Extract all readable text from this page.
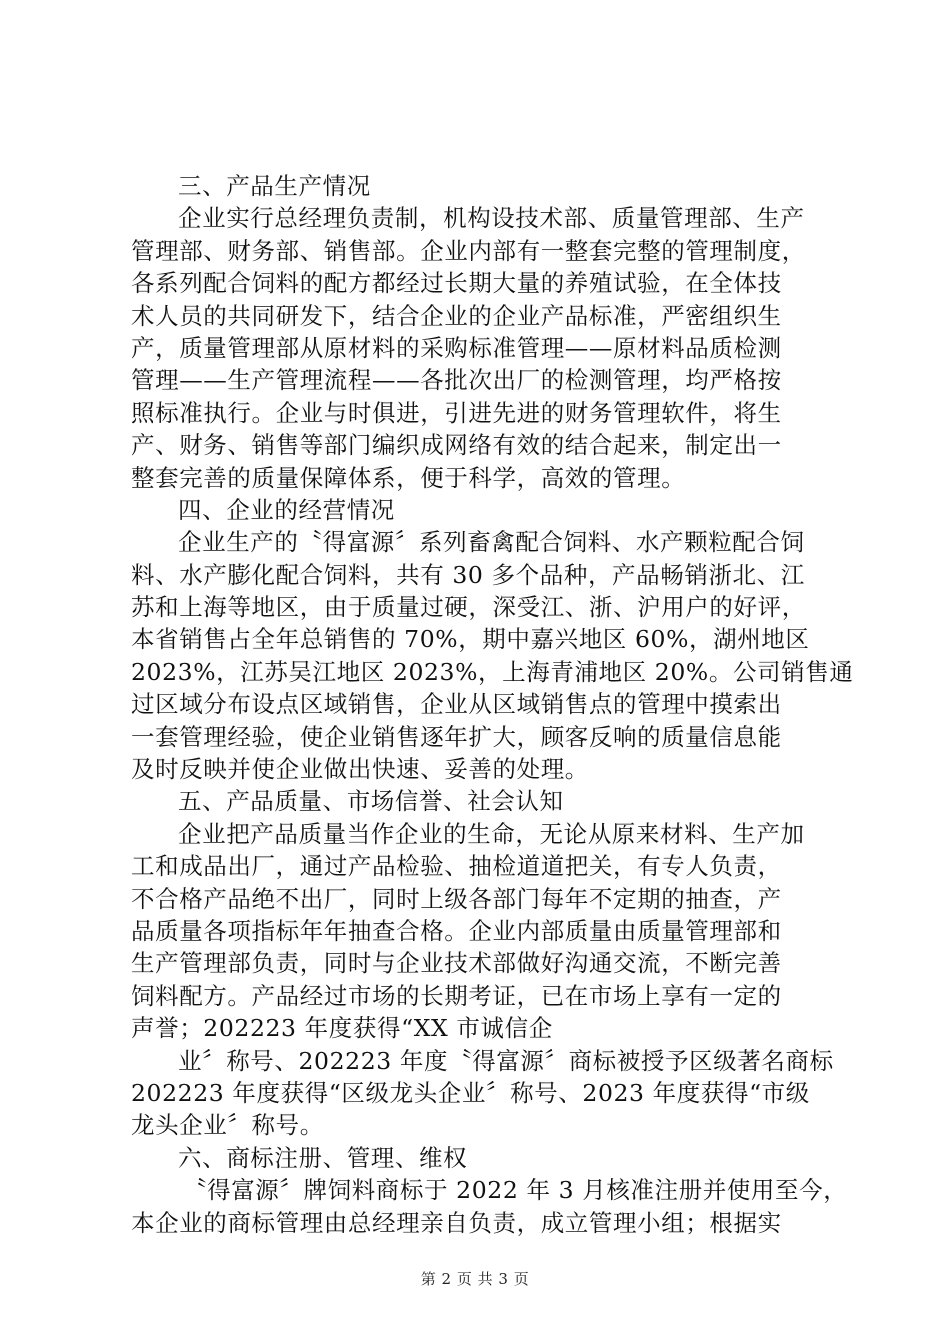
三、产品生产情况
企业实行总经理负责制，机构设技术部、质量管理部、生产
管理部、财务部、销售部。企业内部有一整套完整的管理制度，
各系列配合饲料的配方都经过长期大量的养殖试验，在全体技
术人员的共同研发下，结合企业的企业产品标准，严密组织生
产，质量管理部从原材料的采购标准管理——原材料品质检测
管理——生产管理流程——各批次出厂的检测管理，均严格按
照标准执行。企业与时俱进，引进先进的财务管理软件，将生
产、财务、销售等部门编织成网络有效的结合起来，制定出一
整套完善的质量保障体系，便于科学，高效的管理。
四、企业的经营情况
企业生产的〝得富源〞系列畜禽配合饲料、水产颗粒配合饲
料、水产膨化配合饲料，共有 30 多个品种，产品畅销浙北、江
苏和上海等地区，由于质量过硬，深受江、浙、沪用户的好评，
本省销售占全年总销售的 70%，期中嘉兴地区 60%，湖州地区
2023%，江苏吴江地区 2023%，上海青浦地区 20%。公司销售通
过区域分布设点区域销售，企业从区域销售点的管理中摸索出
一套管理经验，使企业销售逐年扩大，顾客反响的质量信息能
及时反映并使企业做出快速、妥善的处理。
五、产品质量、市场信誉、社会认知
企业把产品质量当作企业的生命，无论从原来材料、生产加
工和成品出厂，通过产品检验、抽检道道把关，有专人负责，
不合格产品绝不出厂，同时上级各部门每年不定期的抽查，产
品质量各项指标年年抽查合格。企业内部质量由质量管理部和
生产管理部负责，同时与企业技术部做好沟通交流，不断完善
饲料配方。产品经过市场的长期考证，已在市场上享有一定的
声誉；202223 年度获得“XX 市诚信企
业〞称号、202223 年度〝得富源〞商标被授予区级著名商标
202223 年度获得“区级龙头企业〞称号、2023 年度获得“市级
龙头企业〞称号。
六、商标注册、管理、维权
〝得富源〞牌饲料商标于 2022 年 3 月核准注册并使用至今，
本企业的商标管理由总经理亲自负责，成立管理小组；根据实
第 2 页 共 3 页
